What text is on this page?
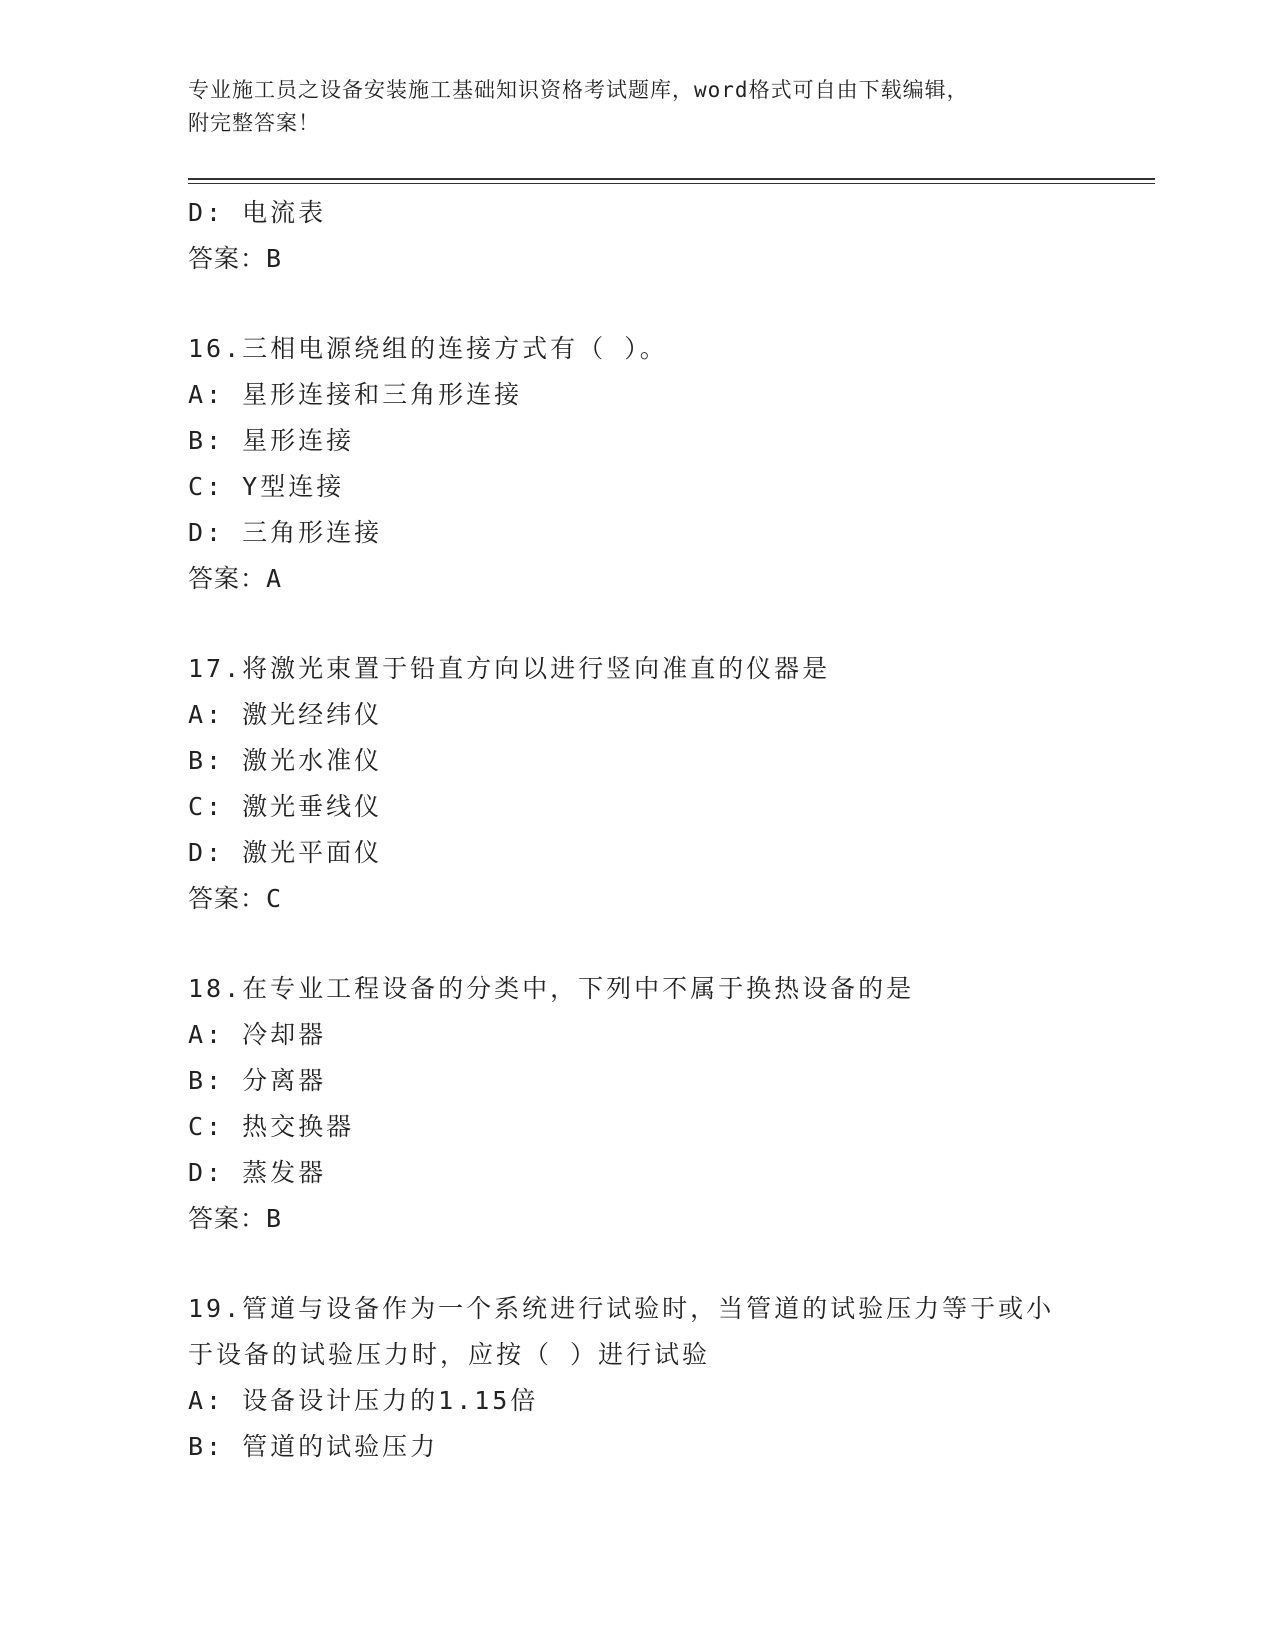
专业施工员之设备安装施工基础知识资格考试题库，word格式可自由下载编辑，
附完整答案！
D: 电流表
答案：B
16.三相电源绕组的连接方式有（ ）。
A: 星形连接和三角形连接
B: 星形连接
C: Y型连接
D: 三角形连接
答案：A
17.将激光束置于铅直方向以进行竖向准直的仪器是
A: 激光经纬仪
B: 激光水准仪
C: 激光垂线仪
D: 激光平面仪
答案：C
18.在专业工程设备的分类中，下列中不属于换热设备的是
A: 冷却器
B: 分离器
C: 热交换器
D: 蒸发器
答案：B
19.管道与设备作为一个系统进行试验时，当管道的试验压力等于或小
于设备的试验压力时，应按（ ）进行试验
A: 设备设计压力的1.15倍
B: 管道的试验压力
